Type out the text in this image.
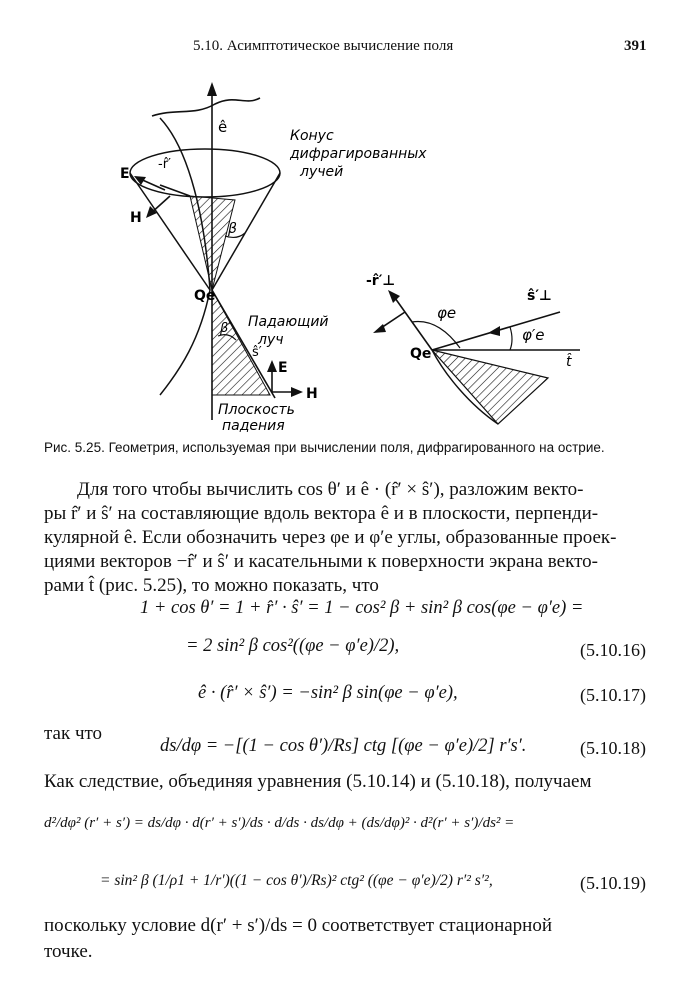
5.10. Асимптотическое вычисление поля	391
ê	Конус
дифрагированных
лучей
-r̂′
E
H
β
Qe
Падающий
луч
β′
ŝ′
E
H
Плоскость
падения
-r̂′⊥
ŝ′⊥
φe
φ′e
Qe	t̂
Рис. 5.25. Геометрия, используемая при вычислении поля, дифрагированного на острие.
Для того чтобы вычислить cos θ′ и ê · (r̂′ × ŝ′), разложим векто-
ры r̂′ и ŝ′ на составляющие вдоль вектора ê и в плоскости, перпенди-
кулярной ê. Если обозначить через φe и φ′e углы, образованные проек-
циями векторов −r̂′ и ŝ′ и касательными к поверхности экрана векто-
рами t̂ (рис. 5.25), то можно показать, что
1 + cos θ′ = 1 + r̂′ · ŝ′ = 1 − cos² β + sin² β cos(φe − φ′e) =
= 2 sin² β cos²((φe − φ′e)/2),	(5.10.16)
ê · (r̂′ × ŝ′) = −sin² β sin(φe − φ′e),	(5.10.17)
так что
ds/dφ = −[(1 − cos θ′)/Rs] ctg [(φe − φ′e)/2] r′s′.	(5.10.18)
Как следствие, объединяя уравнения (5.10.14) и (5.10.18), получаем
d²/dφ² (r′ + s′) = ds/dφ · d(r′ + s′)/ds · d/ds · ds/dφ + (ds/dφ)² · d²(r′ + s′)/ds² =
= sin² β (1/ρ1 + 1/r′)((1 − cos θ′)/Rs)² ctg² ((φe − φ′e)/2) r′² s′²,	(5.10.19)
поскольку условие d(r′ + s′)/ds = 0 соответствует стационарной
точке.
